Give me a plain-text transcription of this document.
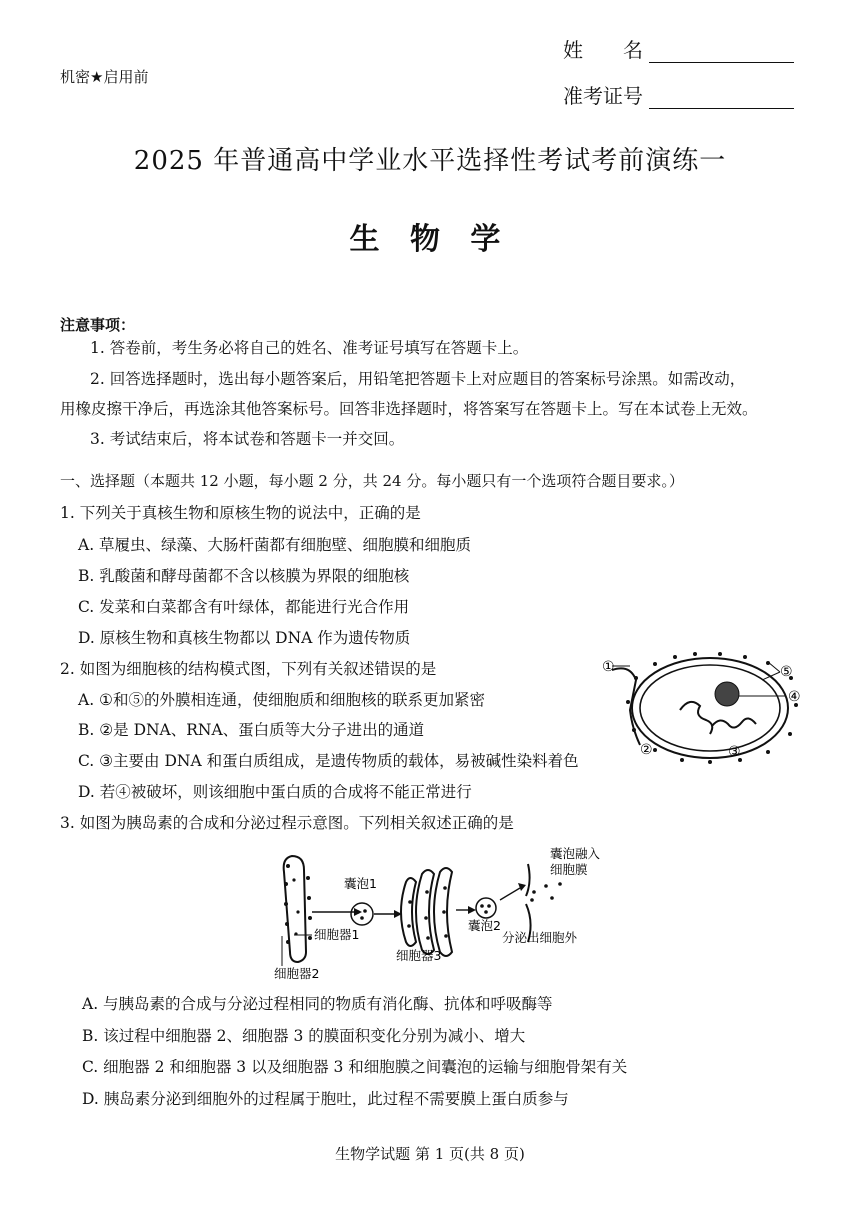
机密★启用前
姓　　名
准考证号
2025 年普通高中学业水平选择性考试考前演练一
生 物 学
注意事项：
1. 答卷前，考生务必将自己的姓名、准考证号填写在答题卡上。
2. 回答选择题时，选出每小题答案后，用铅笔把答题卡上对应题目的答案标号涂黑。如需改动，
用橡皮擦干净后，再选涂其他答案标号。回答非选择题时，将答案写在答题卡上。写在本试卷上无效。
3. 考试结束后，将本试卷和答题卡一并交回。
一、选择题（本题共 12 小题，每小题 2 分，共 24 分。每小题只有一个选项符合题目要求。）
1. 下列关于真核生物和原核生物的说法中，正确的是
A. 草履虫、绿藻、大肠杆菌都有细胞壁、细胞膜和细胞质
B. 乳酸菌和酵母菌都不含以核膜为界限的细胞核
C. 发菜和白菜都含有叶绿体，都能进行光合作用
D. 原核生物和真核生物都以 DNA 作为遗传物质
2. 如图为细胞核的结构模式图，下列有关叙述错误的是
A. ①和⑤的外膜相连通，使细胞质和细胞核的联系更加紧密
B. ②是 DNA、RNA、蛋白质等大分子进出的通道
C. ③主要由 DNA 和蛋白质组成，是遗传物质的载体，易被碱性染料着色
D. 若④被破坏，则该细胞中蛋白质的合成将不能正常进行
①	⑤
④
②	③
3. 如图为胰岛素的合成和分泌过程示意图。下列相关叙述正确的是
细胞器2
细胞器1
囊泡1
细胞器3
囊泡2
囊泡融入
细胞膜
分泌出细胞外
A. 与胰岛素的合成与分泌过程相同的物质有消化酶、抗体和呼吸酶等
B. 该过程中细胞器 2、细胞器 3 的膜面积变化分别为减小、增大
C. 细胞器 2 和细胞器 3 以及细胞器 3 和细胞膜之间囊泡的运输与细胞骨架有关
D. 胰岛素分泌到细胞外的过程属于胞吐，此过程不需要膜上蛋白质参与
生物学试题 第 1 页(共 8 页)
